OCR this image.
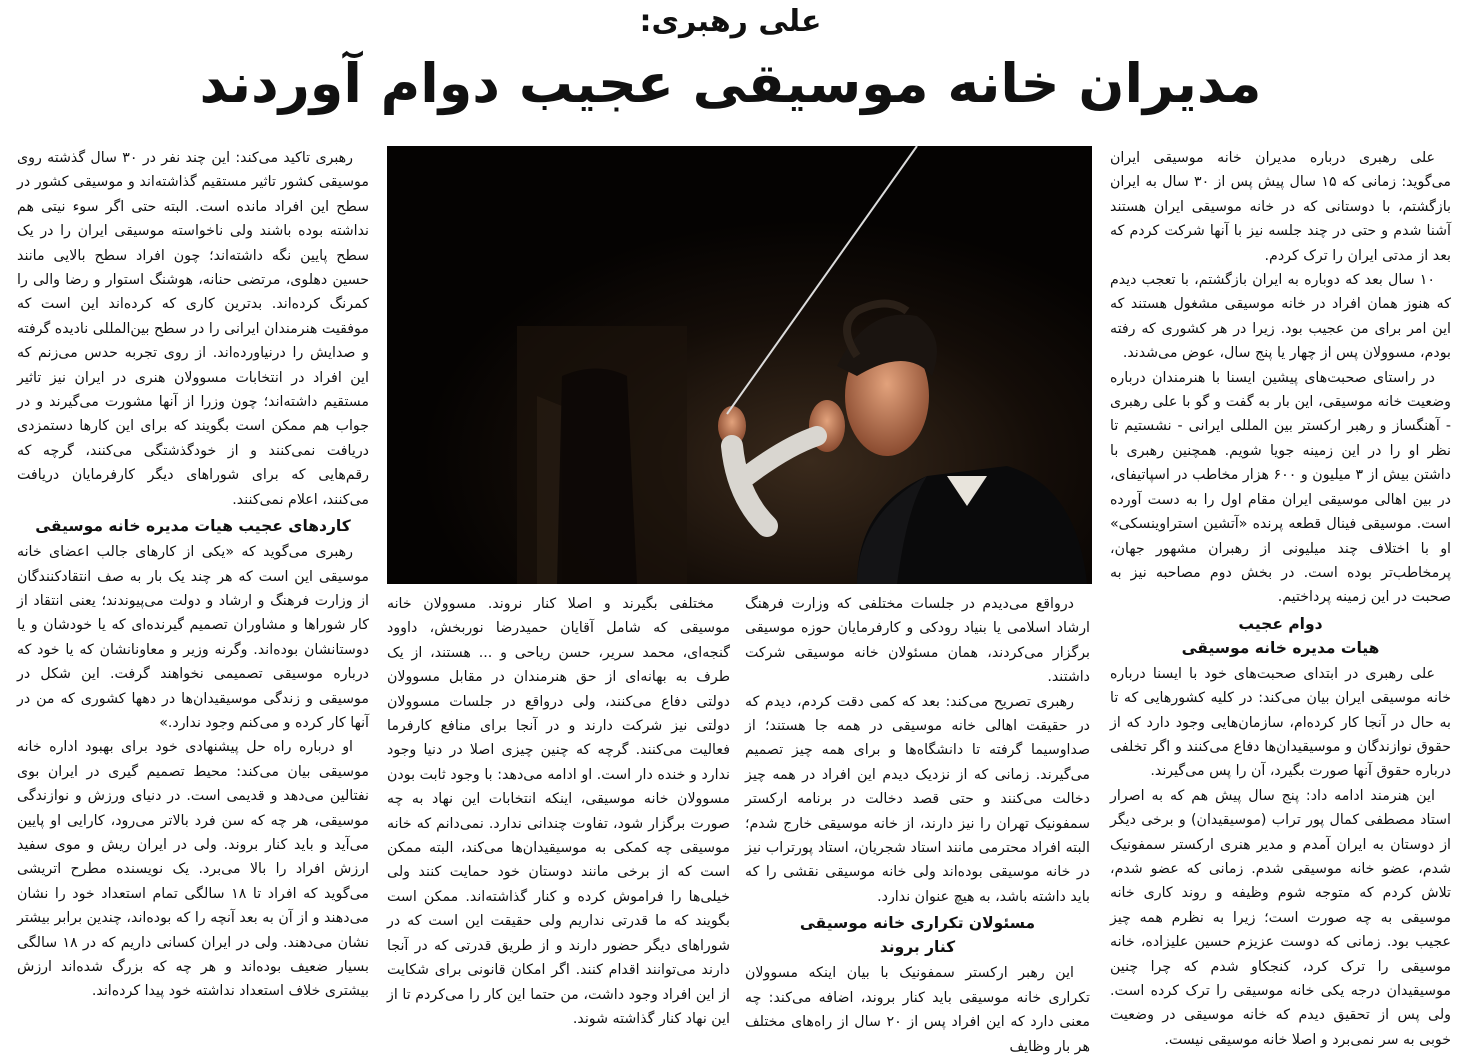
علی رهبری:
مدیران خانه موسیقی عجیب دوام آوردند

علی رهبری درباره مدیران خانه موسیقی ایران می‌گوید: زمانی که ۱۵ سال پیش پس از ۳۰ سال به ایران بازگشتم، با دوستانی که در خانه موسیقی ایران هستند آشنا شدم و حتی در چند جلسه نیز با آنها شرکت کردم که بعد از مدتی ایران را ترک کردم.

۱۰ سال بعد که دوباره به ایران بازگشتم، با تعجب دیدم که هنوز همان افراد در خانه موسیقی مشغول هستند که این امر برای من عجیب بود. زیرا در هر کشوری که رفته بودم، مسوولان پس از چهار یا پنج سال، عوض می‌شدند.

در راستای صحبت‌های پیشین ایسنا با هنرمندان درباره وضعیت خانه موسیقی، این بار به گفت و گو با علی رهبری - آهنگساز و رهبر ارکستر بین المللی ایرانی - نشستیم تا نظر او را در این زمینه جویا شویم. همچنین رهبری با داشتن بیش از ۳ میلیون و ۶۰۰ هزار مخاطب در اسپاتیفای، در بین اهالی موسیقی ایران مقام اول را به دست آورده است. موسیقی فینال قطعه پرنده «آتشین استراوینسکی» او با اختلاف چند میلیونی از رهبران مشهور جهان، پرمخاطب‌تر بوده است. در بخش دوم مصاحبه نیز به صحبت در این زمینه پرداختیم.

دوام عجیب
هیات مدیره خانه موسیقی

علی رهبری در ابتدای صحبت‌های خود با ایسنا درباره خانه موسیقی ایران بیان می‌کند: در کلیه کشورهایی که تا به حال در آنجا کار کرده‌ام، سازمان‌هایی وجود دارد که از حقوق نوازندگان و موسیقیدان‌ها دفاع می‌کنند و اگر تخلفی درباره حقوق آنها صورت بگیرد، آن را پس می‌گیرند.

این هنرمند ادامه داد: پنج سال پیش هم که به اصرار استاد مصطفی کمال پور تراب (موسیقیدان) و برخی دیگر از دوستان به ایران آمدم و مدیر هنری ارکستر سمفونیک شدم، عضو خانه موسیقی شدم. زمانی که عضو شدم، تلاش کردم که متوجه شوم وظیفه و روند کاری خانه موسیقی به چه صورت است؛ زیرا به نظرم همه چیز عجیب بود. زمانی که دوست عزیزم حسین علیزاده، خانه موسیقی را ترک کرد، کنجکاو شدم که چرا چنین موسیقیدان درجه یکی خانه موسیقی را ترک کرده است. ولی پس از تحقیق دیدم که خانه موسیقی در وضعیت خوبی به سر نمی‌برد و اصلا خانه موسیقی نیست.

درواقع می‌دیدم در جلسات مختلفی که وزارت فرهنگ ارشاد اسلامی یا بنیاد رودکی و کارفرمایان حوزه موسیقی برگزار می‌کردند، همان مسئولان خانه موسیقی شرکت داشتند.

رهبری تصریح می‌کند: بعد که کمی دقت کردم، دیدم که در حقیقت اهالی خانه موسیقی در همه جا هستند؛ از صداوسیما گرفته تا دانشگاه‌ها و برای همه چیز تصمیم می‌گیرند. زمانی که از نزدیک دیدم این افراد در همه چیز دخالت می‌کنند و حتی قصد دخالت در برنامه ارکستر سمفونیک تهران را نیز دارند، از خانه موسیقی خارج شدم؛ البته افراد محترمی مانند استاد شجریان، استاد پورتراب نیز در خانه موسیقی بوده‌اند ولی خانه موسیقی نقشی را که باید داشته باشد، به هیچ عنوان ندارد.

مسئولان تکراری خانه موسیقی
کنار بروند

این رهبر ارکستر سمفونیک با بیان اینکه مسوولان تکراری خانه موسیقی باید کنار بروند، اضافه می‌کند: چه معنی دارد که این افراد پس از ۲۰ سال از راه‌های مختلف هر بار وظایف

مختلفی بگیرند و اصلا کنار نروند. مسوولان خانه موسیقی که شامل آقایان حمیدرضا نوربخش، داوود گنجه‌ای، محمد سریر، حسن ریاحی و ... هستند، از یک طرف به بهانه‌ای از حق هنرمندان در مقابل مسوولان دولتی دفاع می‌کنند، ولی درواقع در جلسات مسوولان دولتی نیز شرکت دارند و در آنجا برای منافع کارفرما فعالیت می‌کنند. گرچه که چنین چیزی اصلا در دنیا وجود ندارد و خنده دار است. او ادامه می‌دهد: با وجود ثابت بودن مسوولان خانه موسیقی، اینکه انتخابات این نهاد به چه صورت برگزار شود، تفاوت چندانی ندارد. نمی‌دانم که خانه موسیقی چه کمکی به موسیقیدان‌ها می‌کند، البته ممکن است که از برخی مانند دوستان خود حمایت کنند ولی خیلی‌ها را فراموش کرده و کنار گذاشته‌اند. ممکن است بگویند که ما قدرتی نداریم ولی حقیقت این است که در شوراهای دیگر حضور دارند و از طریق قدرتی که در آنجا دارند می‌توانند اقدام کنند. اگر امکان قانونی برای شکایت از این افراد وجود داشت، من حتما این کار را می‌کردم تا از این نهاد کنار گذاشته شوند.

رهبری تاکید می‌کند: این چند نفر در ۳۰ سال گذشته روی موسیقی کشور تاثیر مستقیم گذاشته‌اند و موسیقی کشور در سطح این افراد مانده است. البته حتی اگر سوء نیتی هم نداشته بوده باشند ولی ناخواسته موسیقی ایران را در یک سطح پایین نگه داشته‌اند؛ چون افراد سطح بالایی مانند حسین دهلوی، مرتضی حنانه، هوشنگ استوار و رضا والی را کمرنگ کرده‌اند. بدترین کاری که کرده‌اند این است که موفقیت هنرمندان ایرانی را در سطح بین‌المللی نادیده گرفته و صدایش را درنیاورده‌اند. از روی تجربه حدس می‌زنم که این افراد در انتخابات مسوولان هنری در ایران نیز تاثیر مستقیم داشته‌اند؛ چون وزرا از آنها مشورت می‌گیرند و در جواب هم ممکن است بگویند که برای این کارها دستمزدی دریافت نمی‌کنند و از خودگذشتگی می‌کنند، گرچه که رقم‌هایی که برای شوراهای دیگر کارفرمایان دریافت می‌کنند، اعلام نمی‌کنند.

کاردهای عجیب هیات مدیره خانه موسیقی

رهبری می‌گوید که «یکی از کارهای جالب اعضای خانه موسیقی این است که هر چند یک بار به صف انتقادکنندگان از وزارت فرهنگ و ارشاد و دولت می‌پیوندند؛ یعنی انتقاد از کار شوراها و مشاوران تصمیم گیرنده‌ای که یا خودشان و یا دوستانشان بوده‌اند. وگرنه وزیر و معاونانشان که یا خود که درباره موسیقی تصمیمی نخواهند گرفت. این شکل در موسیقی و زندگی موسیقیدان‌ها در دهها کشوری که من در آنها کار کرده و می‌کنم وجود ندارد.»

او درباره راه حل پیشنهادی خود برای بهبود اداره خانه موسیقی بیان می‌کند: محیط تصمیم گیری در ایران بوی نفتالین می‌دهد و قدیمی است. در دنیای ورزش و نوازندگی موسیقی، هر چه که سن فرد بالاتر می‌رود، کارایی او پایین می‌آید و باید کنار بروند. ولی در ایران ریش و موی سفید ارزش افراد را بالا می‌برد. یک نویسنده مطرح اتریشی می‌گوید که افراد تا ۱۸ سالگی تمام استعداد خود را نشان می‌دهند و از آن به بعد آنچه را که بوده‌اند، چندین برابر بیشتر نشان می‌دهند. ولی در ایران کسانی داریم که در ۱۸ سالگی بسیار ضعیف بوده‌اند و هر چه که بزرگ شده‌اند ارزش بیشتری خلاف استعداد نداشته خود پیدا کرده‌اند.
